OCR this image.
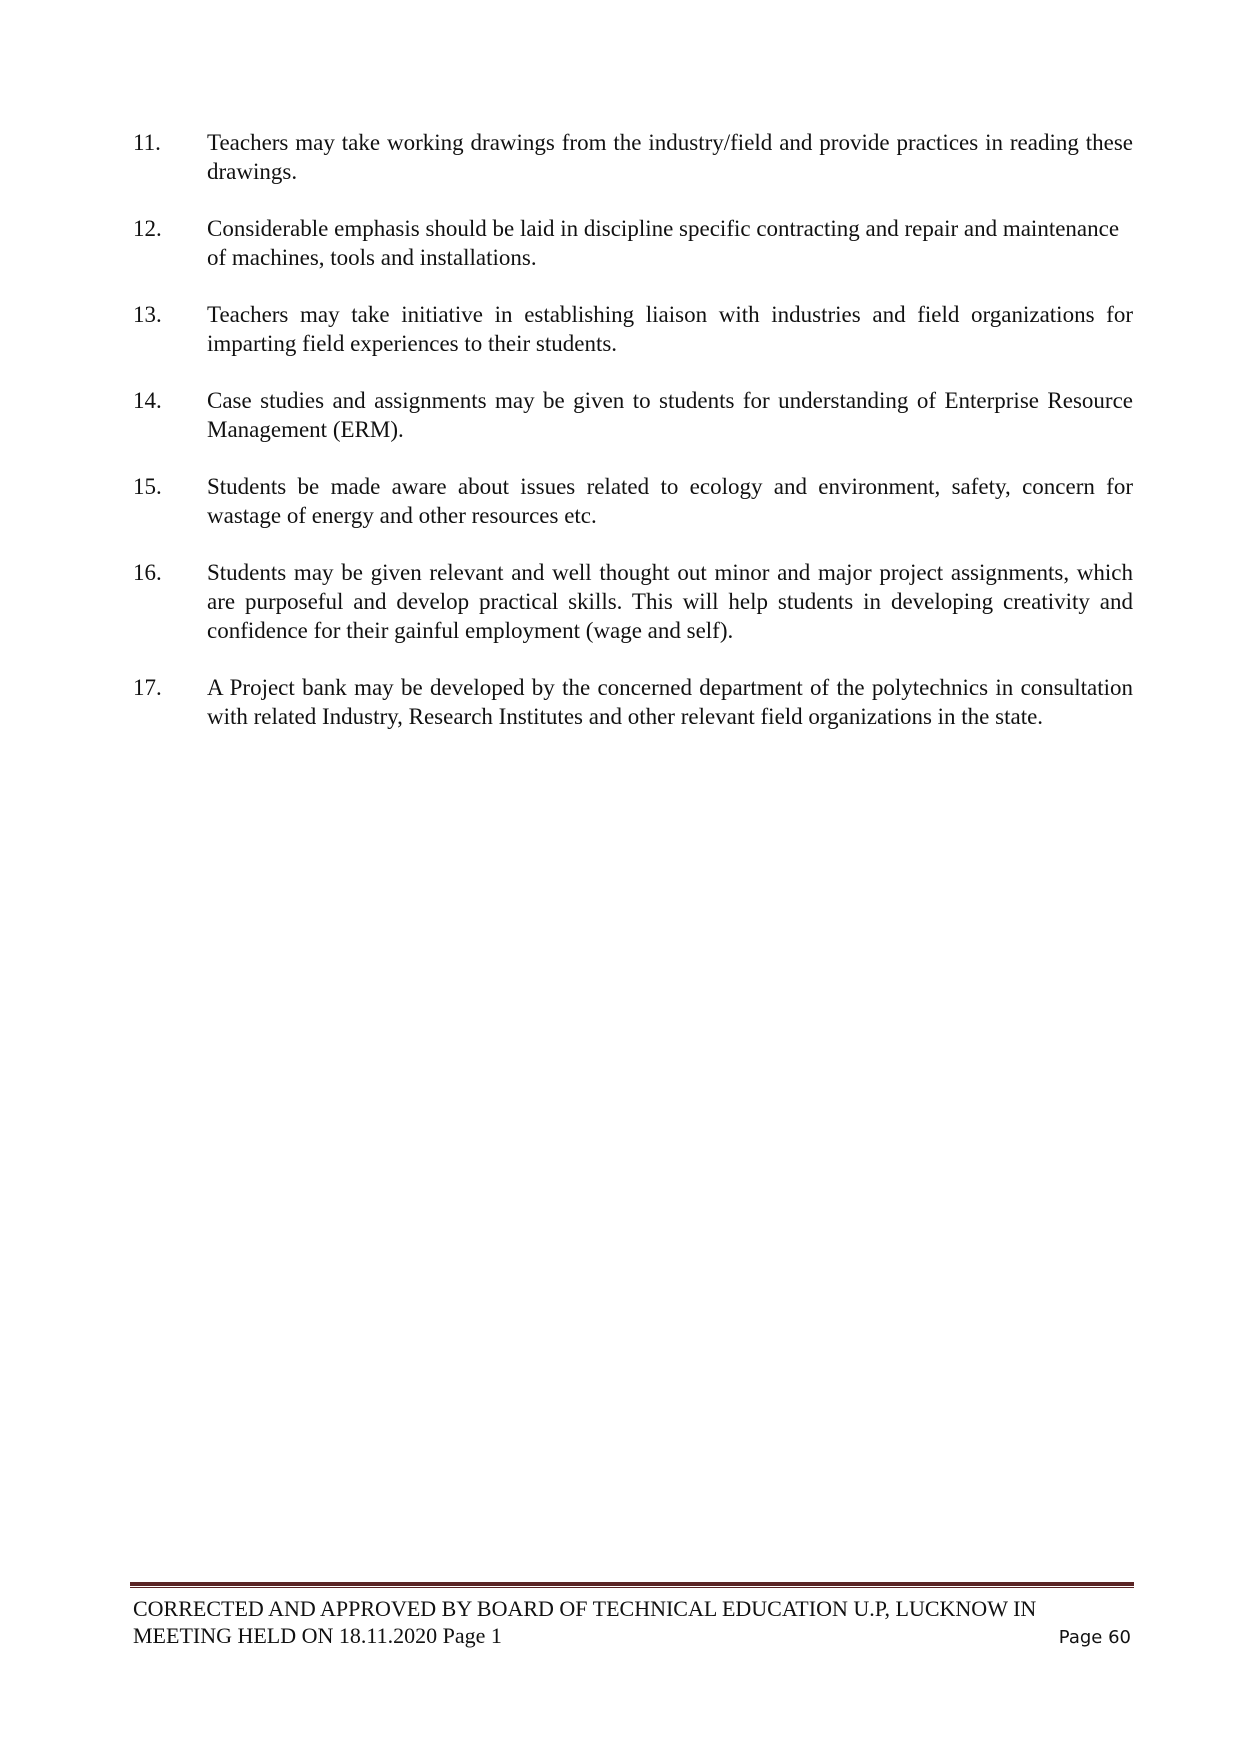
11.	Teachers may take working drawings from the industry/field and provide practices in reading these drawings.
12.	Considerable emphasis should be laid in discipline specific contracting and repair and maintenance of machines, tools and installations.
13.	Teachers may take initiative in establishing liaison with industries and field organizations for imparting field experiences to their students.
14.	Case studies and assignments may be given to students for understanding of Enterprise Resource Management (ERM).
15.	Students be made aware about issues related to ecology and environment, safety, concern for wastage of energy and other resources etc.
16.	Students may be given relevant and well thought out minor and major project assignments, which are purposeful and develop practical skills. This will help students in developing creativity and confidence for their gainful employment (wage and self).
17.	A Project bank may be developed by the concerned department of the polytechnics in consultation with related Industry, Research Institutes and other relevant field organizations in the state.
CORRECTED AND APPROVED BY BOARD OF TECHNICAL EDUCATION U.P, LUCKNOW IN
MEETING HELD ON 18.11.2020 Page 1	Page 60
